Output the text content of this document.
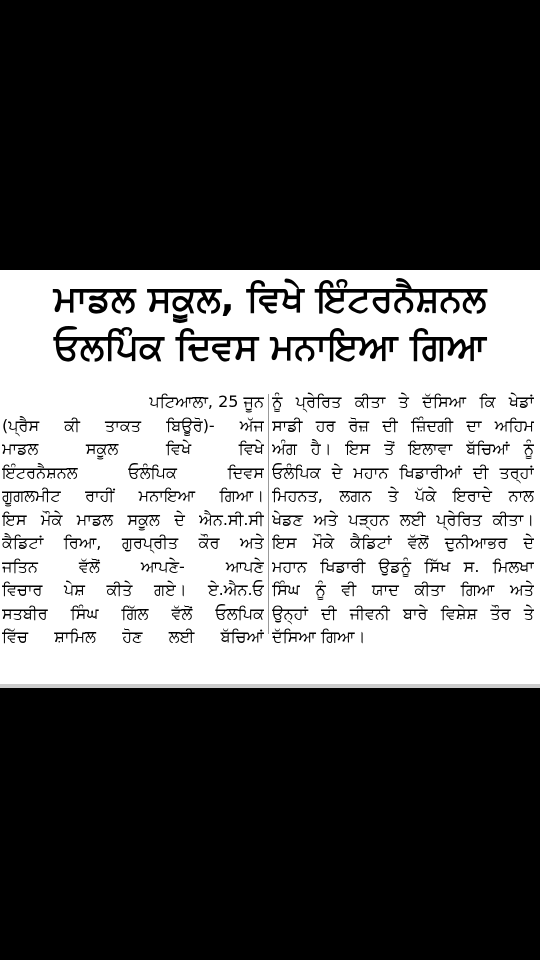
ਮਾਡਲ ਸਕੂਲ, ਵਿਖੇ ਇੰਟਰਨੈਸ਼ਨਲ
ਓਲਪਿੰਕ ਦਿਵਸ ਮਨਾਇਆ ਗਿਆ
ਪਟਿਆਲਾ, 25 ਜੂਨ
(ਪ੍ਰੈਸ ਕੀ ਤਾਕਤ ਬਿਊਰੋ)- ਅੱਜ
ਮਾਡਲ ਸਕੂਲ ਵਿਖੇ ਵਿਖੇ
ਇੰਟਰਨੈਸ਼ਨਲ ਓਲੰਪਿਕ ਦਿਵਸ
ਗੂਗਲਮੀਟ ਰਾਹੀਂ ਮਨਾਇਆ ਗਿਆ।
ਇਸ ਮੌਕੇ ਮਾਡਲ ਸਕੂਲ ਦੇ ਐਨ.ਸੀ.ਸੀ
ਕੈਡਿਟਾਂ ਰਿਆ, ਗੁਰਪ੍ਰੀਤ ਕੌਰ ਅਤੇ
ਜਤਿਨ ਵੱਲੋਂ ਆਪਣੇ- ਆਪਣੇ
ਵਿਚਾਰ ਪੇਸ਼ ਕੀਤੇ ਗਏ। ਏ.ਐਨ.ਓ
ਸਤਬੀਰ ਸਿੰਘ ਗਿੱਲ ਵੱਲੋਂ ਓਲਪਿਕ
ਵਿੱਚ ਸ਼ਾਮਿਲ ਹੋਣ ਲਈ ਬੱਚਿਆਂ
ਨੂੰ ਪ੍ਰੇਰਿਤ ਕੀਤਾ ਤੇ ਦੱਸਿਆ ਕਿ ਖੇਡਾਂ
ਸਾਡੀ ਹਰ ਰੋਜ਼ ਦੀ ਜ਼ਿੰਦਗੀ ਦਾ ਅਹਿਮ
ਅੰਗ ਹੈ। ਇਸ ਤੋਂ ਇਲਾਵਾ ਬੱਚਿਆਂ ਨੂੰ
ਓਲੰਪਿਕ ਦੇ ਮਹਾਨ ਖਿਡਾਰੀਆਂ ਦੀ ਤਰ੍ਹਾਂ
ਮਿਹਨਤ, ਲਗਨ ਤੇ ਪੱਕੇ ਇਰਾਦੇ ਨਾਲ
ਖੇਡਣ ਅਤੇ ਪੜ੍ਹਨ ਲਈ ਪ੍ਰੇਰਿਤ ਕੀਤਾ।
ਇਸ ਮੌਕੇ ਕੈਡਿਟਾਂ ਵੱਲੋਂ ਦੁਨੀਆਭਰ ਦੇ
ਮਹਾਨ ਖਿਡਾਰੀ ਉਡਨੂੰ ਸਿੱਖ ਸ. ਮਿਲਖਾ
ਸਿੰਘ ਨੂੰ ਵੀ ਯਾਦ ਕੀਤਾ ਗਿਆ ਅਤੇ
ਉਨ੍ਹਾਂ ਦੀ ਜੀਵਨੀ ਬਾਰੇ ਵਿਸ਼ੇਸ਼ ਤੌਰ ਤੇ
ਦੱਸਿਆ ਗਿਆ।
